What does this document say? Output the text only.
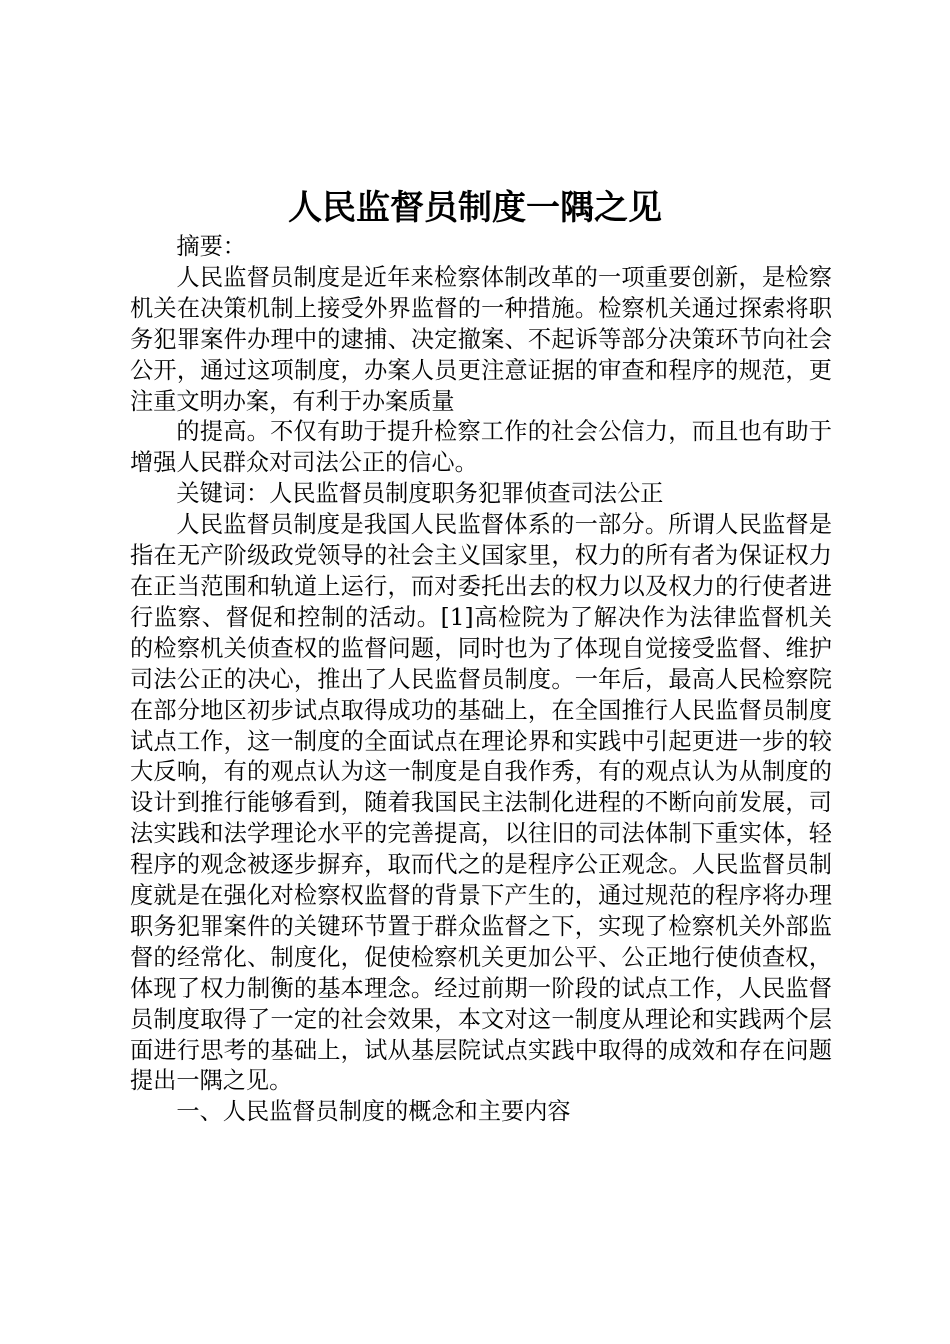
人民监督员制度一隅之见

摘要：

人民监督员制度是近年来检察体制改革的一项重要创新，是检察机关在决策机制上接受外界监督的一种措施。检察机关通过探索将职务犯罪案件办理中的逮捕、决定撤案、不起诉等部分决策环节向社会公开，通过这项制度，办案人员更注意证据的审查和程序的规范，更注重文明办案，有利于办案质量

的提高。不仅有助于提升检察工作的社会公信力，而且也有助于增强人民群众对司法公正的信心。

关键词：人民监督员制度职务犯罪侦查司法公正

人民监督员制度是我国人民监督体系的一部分。所谓人民监督是指在无产阶级政党领导的社会主义国家里，权力的所有者为保证权力在正当范围和轨道上运行，而对委托出去的权力以及权力的行使者进行监察、督促和控制的活动。[1]高检院为了解决作为法律监督机关的检察机关侦查权的监督问题，同时也为了体现自觉接受监督、维护司法公正的决心，推出了人民监督员制度。一年后，最高人民检察院在部分地区初步试点取得成功的基础上，在全国推行人民监督员制度试点工作，这一制度的全面试点在理论界和实践中引起更进一步的较大反响，有的观点认为这一制度是自我作秀，有的观点认为从制度的设计到推行能够看到，随着我国民主法制化进程的不断向前发展，司法实践和法学理论水平的完善提高，以往旧的司法体制下重实体，轻程序的观念被逐步摒弃，取而代之的是程序公正观念。人民监督员制度就是在强化对检察权监督的背景下产生的，通过规范的程序将办理职务犯罪案件的关键环节置于群众监督之下，实现了检察机关外部监督的经常化、制度化，促使检察机关更加公平、公正地行使侦查权，体现了权力制衡的基本理念。经过前期一阶段的试点工作，人民监督员制度取得了一定的社会效果，本文对这一制度从理论和实践两个层面进行思考的基础上，试从基层院试点实践中取得的成效和存在问题提出一隅之见。

一、人民监督员制度的概念和主要内容
